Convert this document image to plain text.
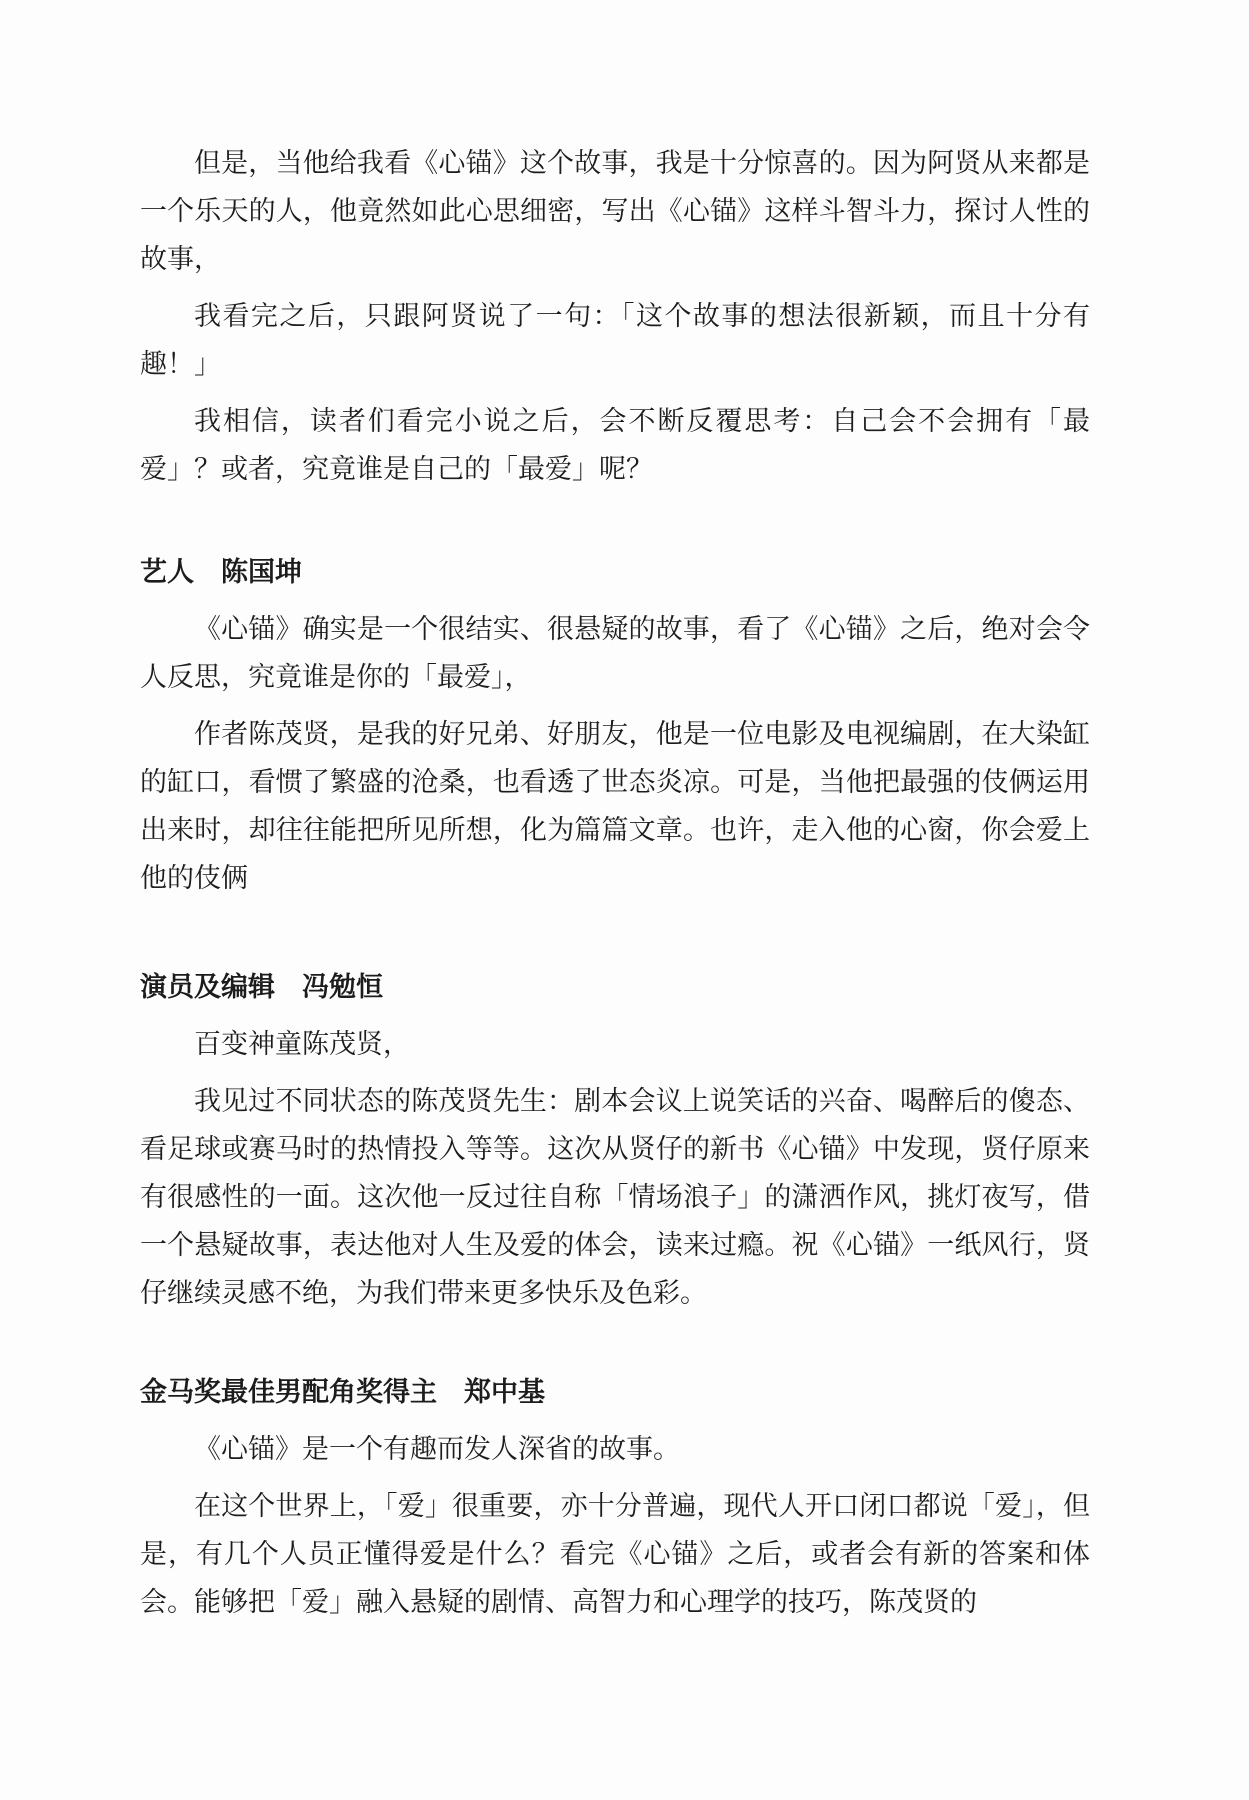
但是，当他给我看《心锚》这个故事，我是十分惊喜的。因为阿贤从来都是一个乐天的人，他竟然如此心思细密，写出《心锚》这样斗智斗力，探讨人性的故事，

我看完之后，只跟阿贤说了一句：「这个故事的想法很新颖，而且十分有趣！」

我相信，读者们看完小说之后，会不断反覆思考：自己会不会拥有「最爱」？或者，究竟谁是自己的「最爱」呢？

艺人　陈国坤

《心锚》确实是一个很结实、很悬疑的故事，看了《心锚》之后，绝对会令人反思，究竟谁是你的「最爱」，

作者陈茂贤，是我的好兄弟、好朋友，他是一位电影及电视编剧，在大染缸的缸口，看惯了繁盛的沧桑，也看透了世态炎凉。可是，当他把最强的伎俩运用出来时，却往往能把所见所想，化为篇篇文章。也许，走入他的心窗，你会爱上他的伎俩

演员及编辑　冯勉恒

百变神童陈茂贤，

我见过不同状态的陈茂贤先生：剧本会议上说笑话的兴奋、喝醉后的傻态、看足球或赛马时的热情投入等等。这次从贤仔的新书《心锚》中发现，贤仔原来有很感性的一面。这次他一反过往自称「情场浪子」的潇洒作风，挑灯夜写，借一个悬疑故事，表达他对人生及爱的体会，读来过瘾。祝《心锚》一纸风行，贤仔继续灵感不绝，为我们带来更多快乐及色彩。

金马奖最佳男配角奖得主　郑中基

《心锚》是一个有趣而发人深省的故事。

在这个世界上，「爱」很重要，亦十分普遍，现代人开口闭口都说「爱」，但是，有几个人员正懂得爱是什么？看完《心锚》之后，或者会有新的答案和体会。能够把「爱」融入悬疑的剧情、高智力和心理学的技巧，陈茂贤的
